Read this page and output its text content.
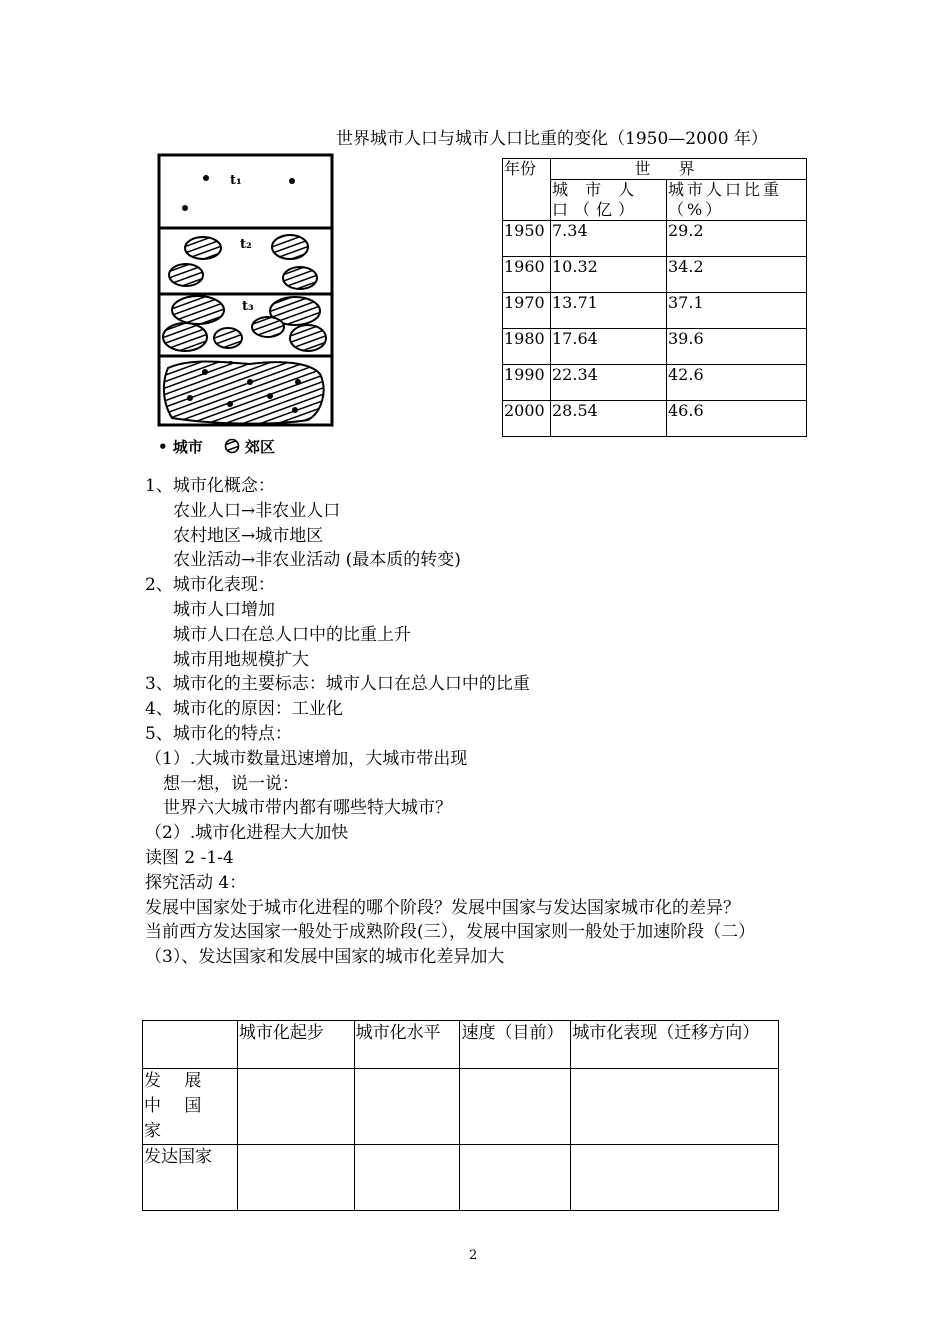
世界城市人口与城市人口比重的变化（1950—2000 年）
t₁
t₂
t₃
• 城市	郊区
年份	世界	
	城 市 人 口（亿）	城市人口比重（%）
1950	7.34	29.2
1960	10.32	34.2
1970	13.71	37.1
1980	17.64	39.6
1990	22.34	42.6
2000	28.54	46.6
1、城市化概念：
农业人口→非农业人口
农村地区→城市地区
农业活动→非农业活动 (最本质的转变)
2、城市化表现：
城市人口增加
城市人口在总人口中的比重上升
城市用地规模扩大
3、城市化的主要标志：城市人口在总人口中的比重
4、城市化的原因：工业化
5、城市化的特点：
（1）.大城市数量迅速增加，大城市带出现
想一想，说一说：
世界六大城市带内都有哪些特大城市？
（2）.城市化进程大大加快
读图 2 -1-4
探究活动 4：
发展中国家处于城市化进程的哪个阶段？发展中国家与发达国家城市化的差异？
当前西方发达国家一般处于成熟阶段(三），发展中国家则一般处于加速阶段（二）
（3）、发达国家和发展中国家的城市化差异加大
	城市化起步	城市化水平	速度（目前）	城市化表现（迁移方向）
发 展 中 国家				
发达国家				
2
